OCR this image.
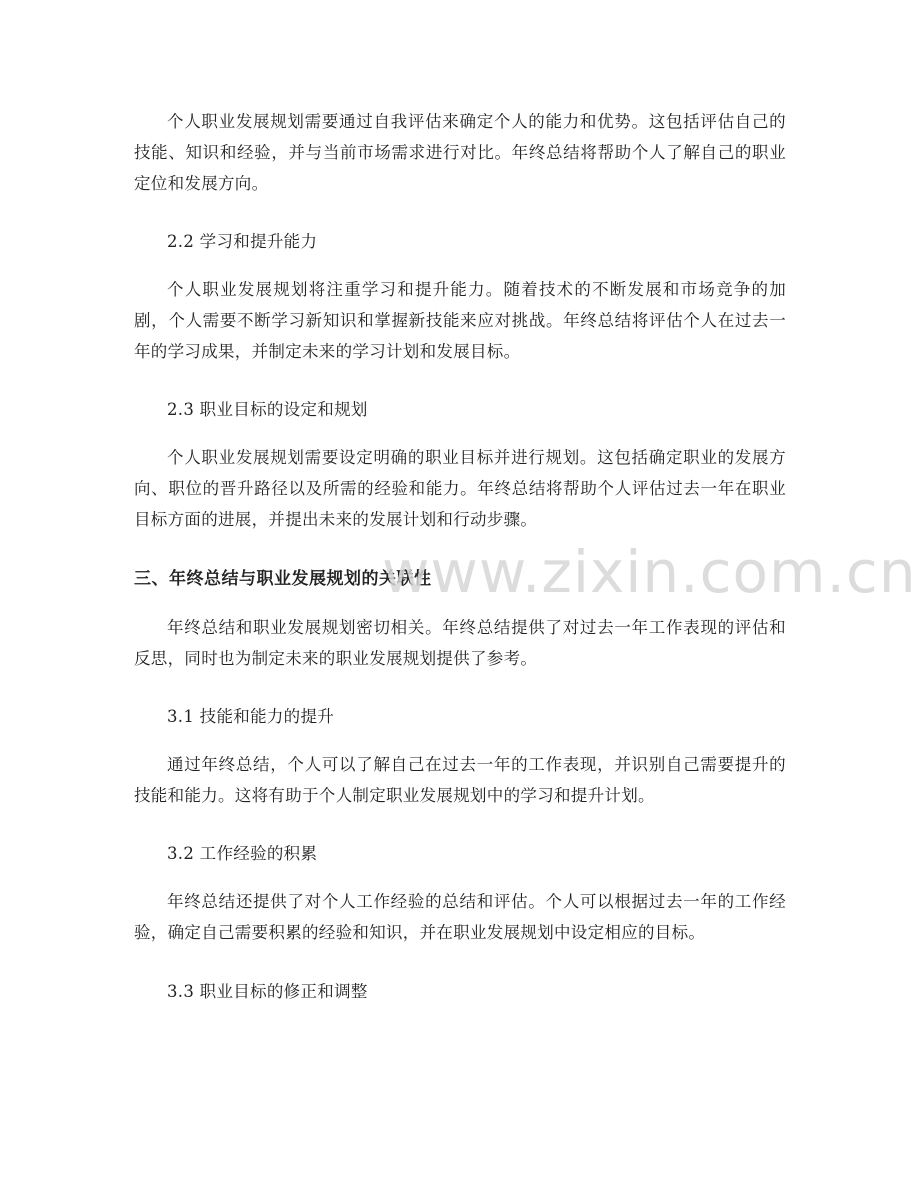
个人职业发展规划需要通过自我评估来确定个人的能力和优势。这包括评估自己的技能、知识和经验，并与当前市场需求进行对比。年终总结将帮助个人了解自己的职业定位和发展方向。

2.2 学习和提升能力

个人职业发展规划将注重学习和提升能力。随着技术的不断发展和市场竞争的加剧，个人需要不断学习新知识和掌握新技能来应对挑战。年终总结将评估个人在过去一年的学习成果，并制定未来的学习计划和发展目标。

2.3 职业目标的设定和规划

个人职业发展规划需要设定明确的职业目标并进行规划。这包括确定职业的发展方向、职位的晋升路径以及所需的经验和能力。年终总结将帮助个人评估过去一年在职业目标方面的进展，并提出未来的发展计划和行动步骤。

三、年终总结与职业发展规划的关联性

年终总结和职业发展规划密切相关。年终总结提供了对过去一年工作表现的评估和反思，同时也为制定未来的职业发展规划提供了参考。

3.1 技能和能力的提升

通过年终总结，个人可以了解自己在过去一年的工作表现，并识别自己需要提升的技能和能力。这将有助于个人制定职业发展规划中的学习和提升计划。

3.2 工作经验的积累

年终总结还提供了对个人工作经验的总结和评估。个人可以根据过去一年的工作经验，确定自己需要积累的经验和知识，并在职业发展规划中设定相应的目标。

3.3 职业目标的修正和调整

www.zixin.com.cn
